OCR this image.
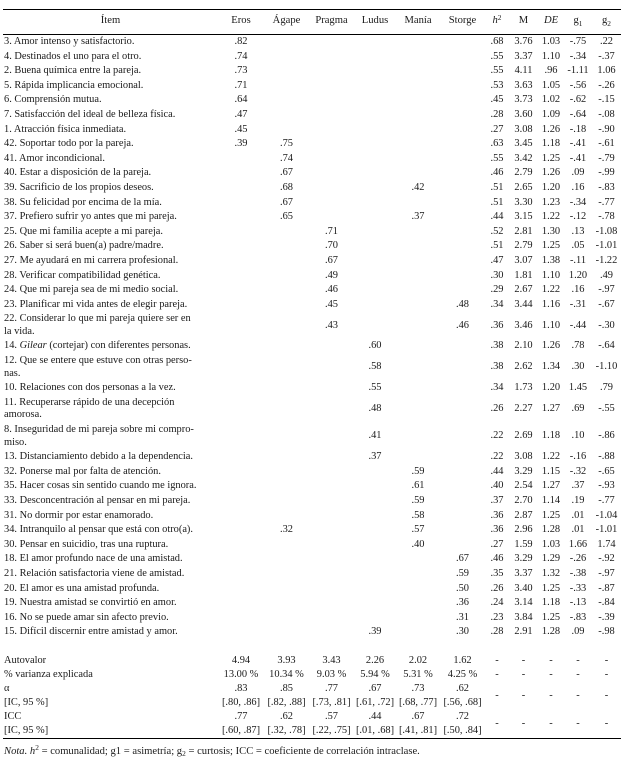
Ítem	Eros	Ágape	Pragma	Ludus	Manía	Storge	$h^2$	M	DE	$g_1$	$g_2$
3. Amor intenso y satisfactorio.	.82						.68	3.76	1.03	-.75	.22
4. Destinados el uno para el otro.	.74						.55	3.37	1.10	-.34	-.37
2. Buena química entre la pareja.	.73						.55	4.11	.96	-1.11	1.06
5. Rápida implicancia emocional.	.71						.53	3.63	1.05	-.56	-.26
6. Comprensión mutua.	.64						.45	3.73	1.02	-.62	-.15
7. Satisfacción del ideal de belleza física.	.47						.28	3.60	1.09	-.64	-.08
1. Atracción física inmediata.	.45						.27	3.08	1.26	-.18	-.90
42. Soportar todo por la pareja.	.39	.75					.63	3.45	1.18	-.41	-.61
41. Amor incondicional.		.74					.55	3.42	1.25	-.41	-.79
40. Estar a disposición de la pareja.		.67					.46	2.79	1.26	.09	-.99
39. Sacrificio de los propios deseos.		.68			.42		.51	2.65	1.20	.16	-.83
38. Su felicidad por encima de la mía.		.67					.51	3.30	1.23	-.34	-.77
37. Prefiero sufrir yo antes que mi pareja.		.65			.37		.44	3.15	1.22	-.12	-.78
25. Que mi familia acepte a mi pareja.			.71				.52	2.81	1.30	.13	-1.08
26. Saber si será buen(a) padre/madre.			.70				.51	2.79	1.25	.05	-1.01
27. Me ayudará en mi carrera profesional.			.67				.47	3.07	1.38	-.11	-1.22
28. Verificar compatibilidad genética.			.49				.30	1.81	1.10	1.20	.49
24. Que mi pareja sea de mi medio social.			.46				.29	2.67	1.22	.16	-.97
23. Planificar mi vida antes de elegir pareja.			.45			.48	.34	3.44	1.16	-.31	-.67
22. Considerar lo que mi pareja quiere ser en
la vida.			.43			.46	.36	3.46	1.10	-.44	-.30
14. Gilear (cortejar) con diferentes personas.				.60			.38	2.10	1.26	.78	-.64
12. Que se entere que estuve con otras perso-
nas.				.58			.38	2.62	1.34	.30	-1.10
10. Relaciones con dos personas a la vez.				.55			.34	1.73	1.20	1.45	.79
11. Recuperarse rápido de una decepción
amorosa.				.48			.26	2.27	1.27	.69	-.55
8. Inseguridad de mi pareja sobre mi compro-
miso.				.41			.22	2.69	1.18	.10	-.86
13. Distanciamiento debido a la dependencia.				.37			.22	3.08	1.22	-.16	-.88
32. Ponerse mal por falta de atención.					.59		.44	3.29	1.15	-.32	-.65
35. Hacer cosas sin sentido cuando me ignora.					.61		.40	2.54	1.27	.37	-.93
33. Desconcentración al pensar en mi pareja.					.59		.37	2.70	1.14	.19	-.77
31. No dormir por estar enamorado.					.58		.36	2.87	1.25	.01	-1.04
34. Intranquilo al pensar que está con otro(a).		.32			.57		.36	2.96	1.28	.01	-1.01
30. Pensar en suicidio, tras una ruptura.					.40		.27	1.59	1.03	1.66	1.74
18. El amor profundo nace de una amistad.						.67	.46	3.29	1.29	-.26	-.92
21. Relación satisfactoria viene de amistad.						.59	.35	3.37	1.32	-.38	-.97
20. El amor es una amistad profunda.						.50	.26	3.40	1.25	-.33	-.87
19. Nuestra amistad se convirtió en amor.						.36	.24	3.14	1.18	-.13	-.84
16. No se puede amar sin afecto previo.						.31	.23	3.84	1.25	-.83	-.39
15. Difícil discernir entre amistad y amor.				.39		.30	.28	2.91	1.28	.09	-.98

Autovalor	4.94	3.93	3.43	2.26	2.02	1.62	-	-	-	-	-
% varianza explicada	13.00 %	10.34 %	9.03 %	5.94 %	5.31 %	4.25 %	-	-	-	-	-
α	.83	.85	.77	.67	.73	.62	-	-	-	-	-
[IC, 95 %]	[.80, .86]	[.82, .88]	[.73, .81]	[.61, .72]	[.68, .77]	[.56, .68]					
ICC	.77	.62	.57	.44	.67	.72	-	-	-	-	-
[IC, 95 %]	[.60, .87]	[.32, .78]	[.22, .75]	[.01, .68]	[.41, .81]	[.50, .84]					
Nota. $h^2$ = comunalidad; g1 = asimetría; $g_2$ = curtosis; ICC = coeficiente de correlación intraclase.
